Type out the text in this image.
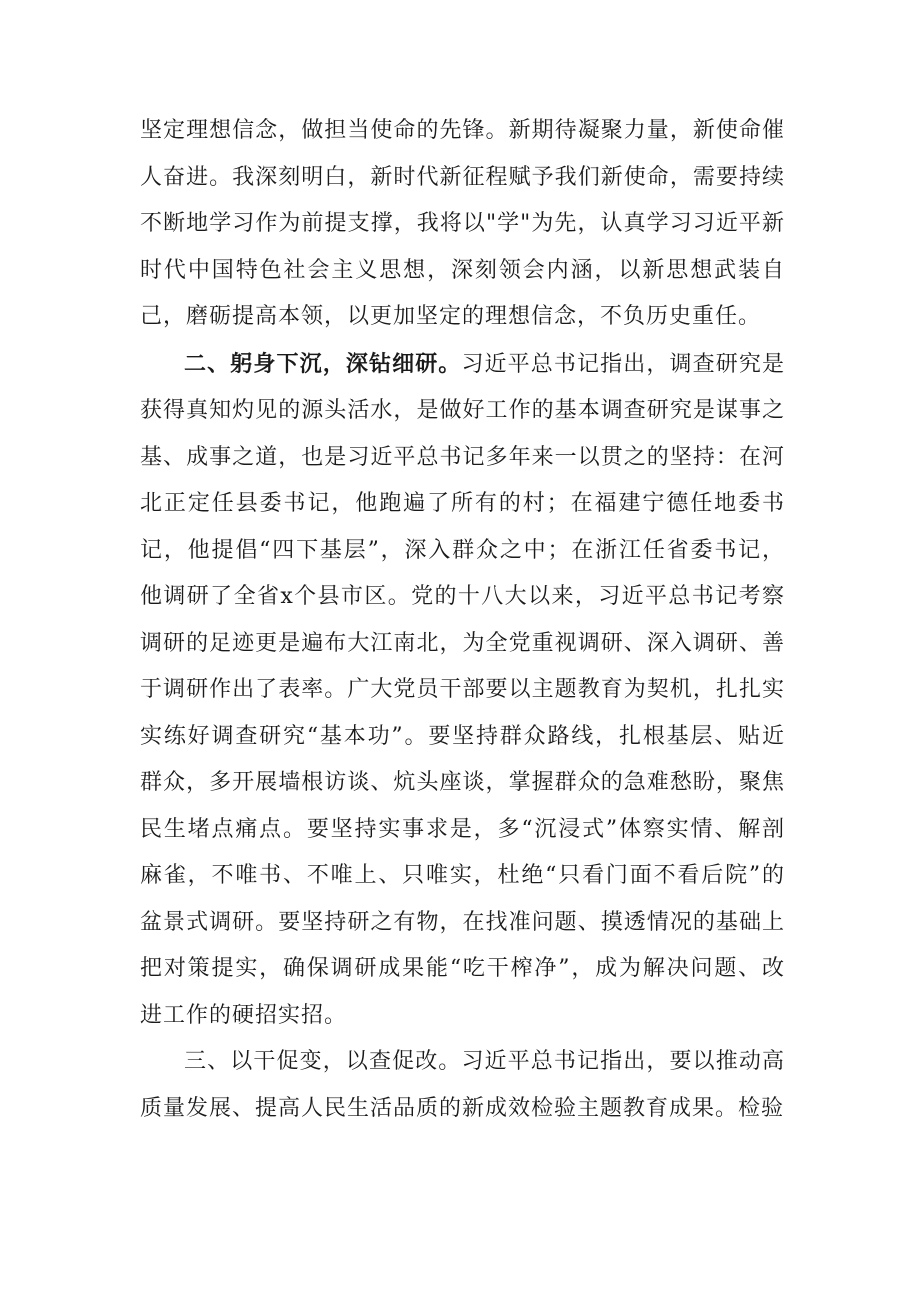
坚定理想信念，做担当使命的先锋。新期待凝聚力量，新使命催人奋进。我深刻明白，新时代新征程赋予我们新使命，需要持续不断地学习作为前提支撑，我将以"学"为先，认真学习习近平新时代中国特色社会主义思想，深刻领会内涵，以新思想武装自己，磨砺提高本领，以更加坚定的理想信念，不负历史重任。

二、躬身下沉，深钻细研。习近平总书记指出，调查研究是获得真知灼见的源头活水，是做好工作的基本调查研究是谋事之基、成事之道，也是习近平总书记多年来一以贯之的坚持：在河北正定任县委书记，他跑遍了所有的村；在福建宁德任地委书记，他提倡“四下基层”，深入群众之中；在浙江任省委书记，他调研了全省x个县市区。党的十八大以来，习近平总书记考察调研的足迹更是遍布大江南北，为全党重视调研、深入调研、善于调研作出了表率。广大党员干部要以主题教育为契机，扎扎实实练好调查研究“基本功”。要坚持群众路线，扎根基层、贴近群众，多开展墙根访谈、炕头座谈，掌握群众的急难愁盼，聚焦民生堵点痛点。要坚持实事求是，多“沉浸式”体察实情、解剖麻雀，不唯书、不唯上、只唯实，杜绝“只看门面不看后院”的盆景式调研。要坚持研之有物，在找准问题、摸透情况的基础上把对策提实，确保调研成果能“吃干榨净”，成为解决问题、改进工作的硬招实招。

三、以干促变，以查促改。习近平总书记指出，要以推动高质量发展、提高人民生活品质的新成效检验主题教育成果。检验
